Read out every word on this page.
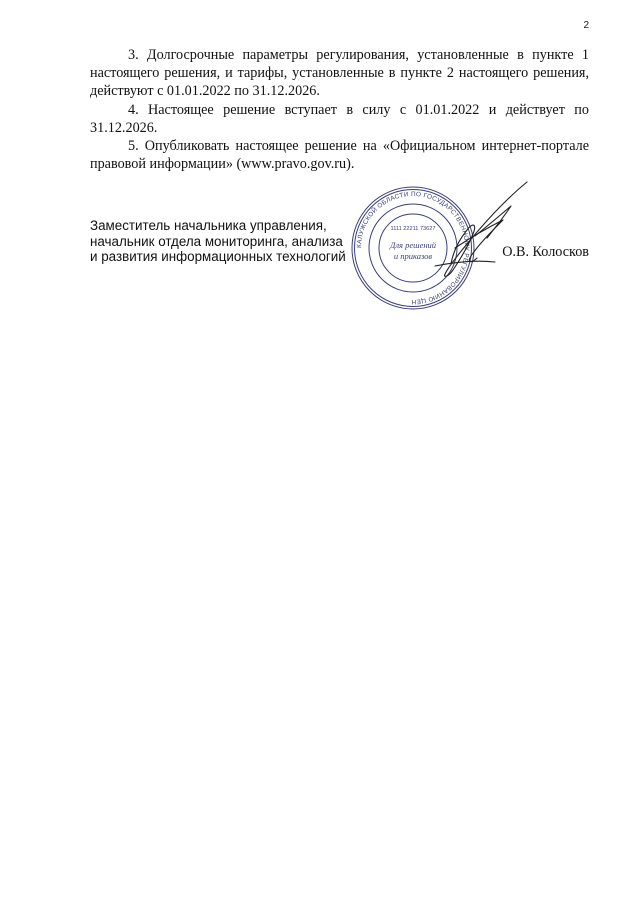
2

3. Долгосрочные параметры регулирования, установленные в пункте 1 настоящего решения, и тарифы, установленные в пункте 2 настоящего решения, действуют с 01.01.2022 по 31.12.2026.

4. Настоящее решение вступает в силу с 01.01.2022 и действует по 31.12.2026.

5. Опубликовать настоящее решение на «Официальном интернет-портале правовой информации» (www.pravo.gov.ru).

Заместитель начальника управления,
начальник отдела мониторинга, анализа
и развития информационных технологий
КАЛУЖСКОЙ ОБЛАСТИ ПО ГОСУДАРСТВЕННОМУ РЕГУЛИРОВАНИЮ ЦЕН
1111 22211 73627
Для решений
и приказов	О.В. Колосков
